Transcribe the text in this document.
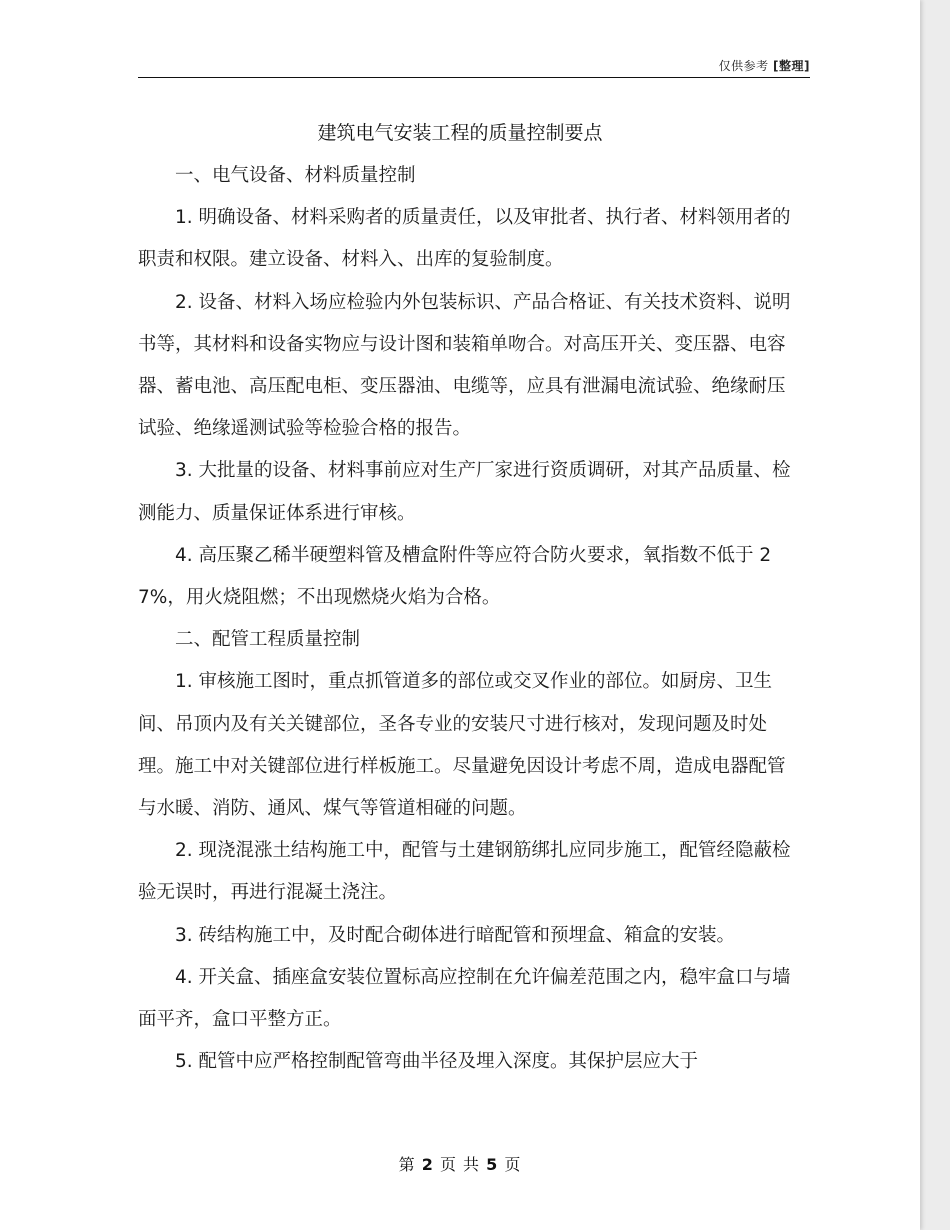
仅供参考 [整理]
建筑电气安装工程的质量控制要点

一、电气设备、材料质量控制

1. 明确设备、材料采购者的质量责任，以及审批者、执行者、材料领用者的职责和权限。建立设备、材料入、出库的复验制度。

2. 设备、材料入场应检验内外包装标识、产品合格证、有关技术资料、说明书等，其材料和设备实物应与设计图和装箱单吻合。对高压开关、变压器、电容器、蓄电池、高压配电柜、变压器油、电缆等，应具有泄漏电流试验、绝缘耐压试验、绝缘遥测试验等检验合格的报告。

3. 大批量的设备、材料事前应对生产厂家进行资质调研，对其产品质量、检测能力、质量保证体系进行审核。

4. 高压聚乙稀半硬塑料管及槽盒附件等应符合防火要求，氧指数不低于 27%，用火烧阻燃；不出现燃烧火焰为合格。

二、配管工程质量控制

1. 审核施工图时，重点抓管道多的部位或交叉作业的部位。如厨房、卫生间、吊顶内及有关关键部位，圣各专业的安装尺寸进行核对，发现问题及时处理。施工中对关键部位进行样板施工。尽量避免因设计考虑不周，造成电器配管与水暖、消防、通风、煤气等管道相碰的问题。

2. 现浇混涨土结构施工中，配管与土建钢筋绑扎应同步施工，配管经隐蔽检验无误时，再进行混凝土浇注。

3. 砖结构施工中，及时配合砌体进行暗配管和预埋盒、箱盒的安装。

4. 开关盒、插座盒安装位置标高应控制在允许偏差范围之内，稳牢盒口与墙面平齐，盒口平整方正。

5. 配管中应严格控制配管弯曲半径及埋入深度。其保护层应大于

第 2 页 共 5 页
